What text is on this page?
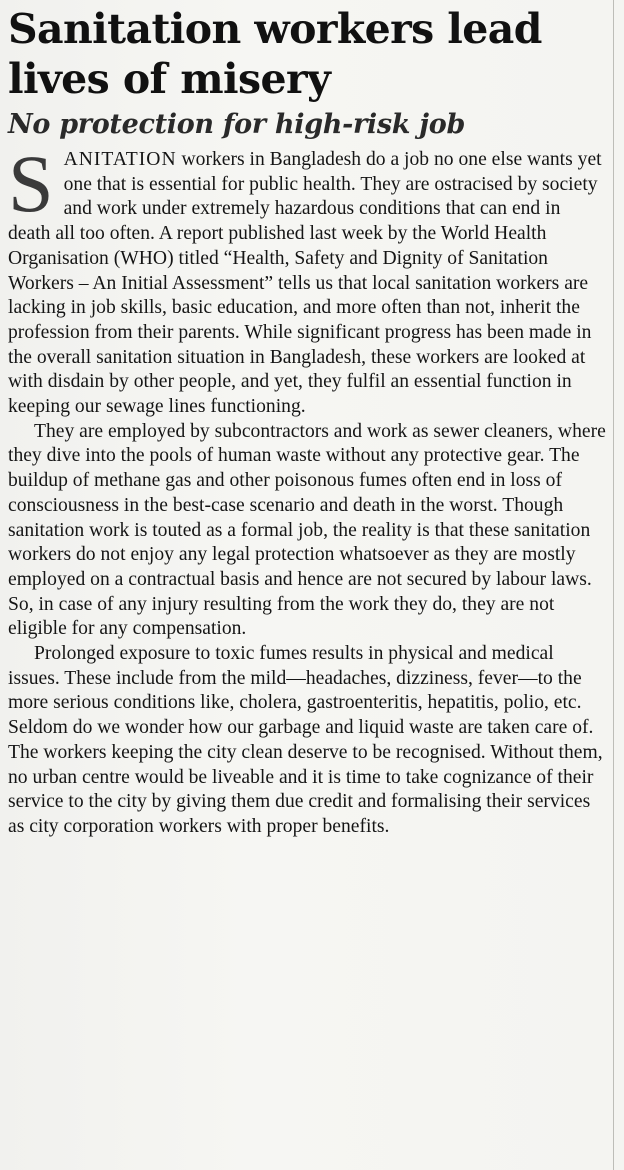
Sanitation workers lead lives of misery
No protection for high-risk job

SANITATION workers in Bangladesh do a job no one else wants yet one that is essential for public health. They are ostracised by society and work under extremely hazardous conditions that can end in death all too often. A report published last week by the World Health Organisation (WHO) titled “Health, Safety and Dignity of Sanitation Workers – An Initial Assessment” tells us that local sanitation workers are lacking in job skills, basic education, and more often than not, inherit the profession from their parents. While significant progress has been made in the overall sanitation situation in Bangladesh, these workers are looked at with disdain by other people, and yet, they fulfil an essential function in keeping our sewage lines functioning.

They are employed by subcontractors and work as sewer cleaners, where they dive into the pools of human waste without any protective gear. The buildup of methane gas and other poisonous fumes often end in loss of consciousness in the best-case scenario and death in the worst. Though sanitation work is touted as a formal job, the reality is that these sanitation workers do not enjoy any legal protection whatsoever as they are mostly employed on a contractual basis and hence are not secured by labour laws. So, in case of any injury resulting from the work they do, they are not eligible for any compensation.

Prolonged exposure to toxic fumes results in physical and medical issues. These include from the mild—headaches, dizziness, fever—to the more serious conditions like, cholera, gastroenteritis, hepatitis, polio, etc. Seldom do we wonder how our garbage and liquid waste are taken care of. The workers keeping the city clean deserve to be recognised. Without them, no urban centre would be liveable and it is time to take cognizance of their service to the city by giving them due credit and formalising their services as city corporation workers with proper benefits.
